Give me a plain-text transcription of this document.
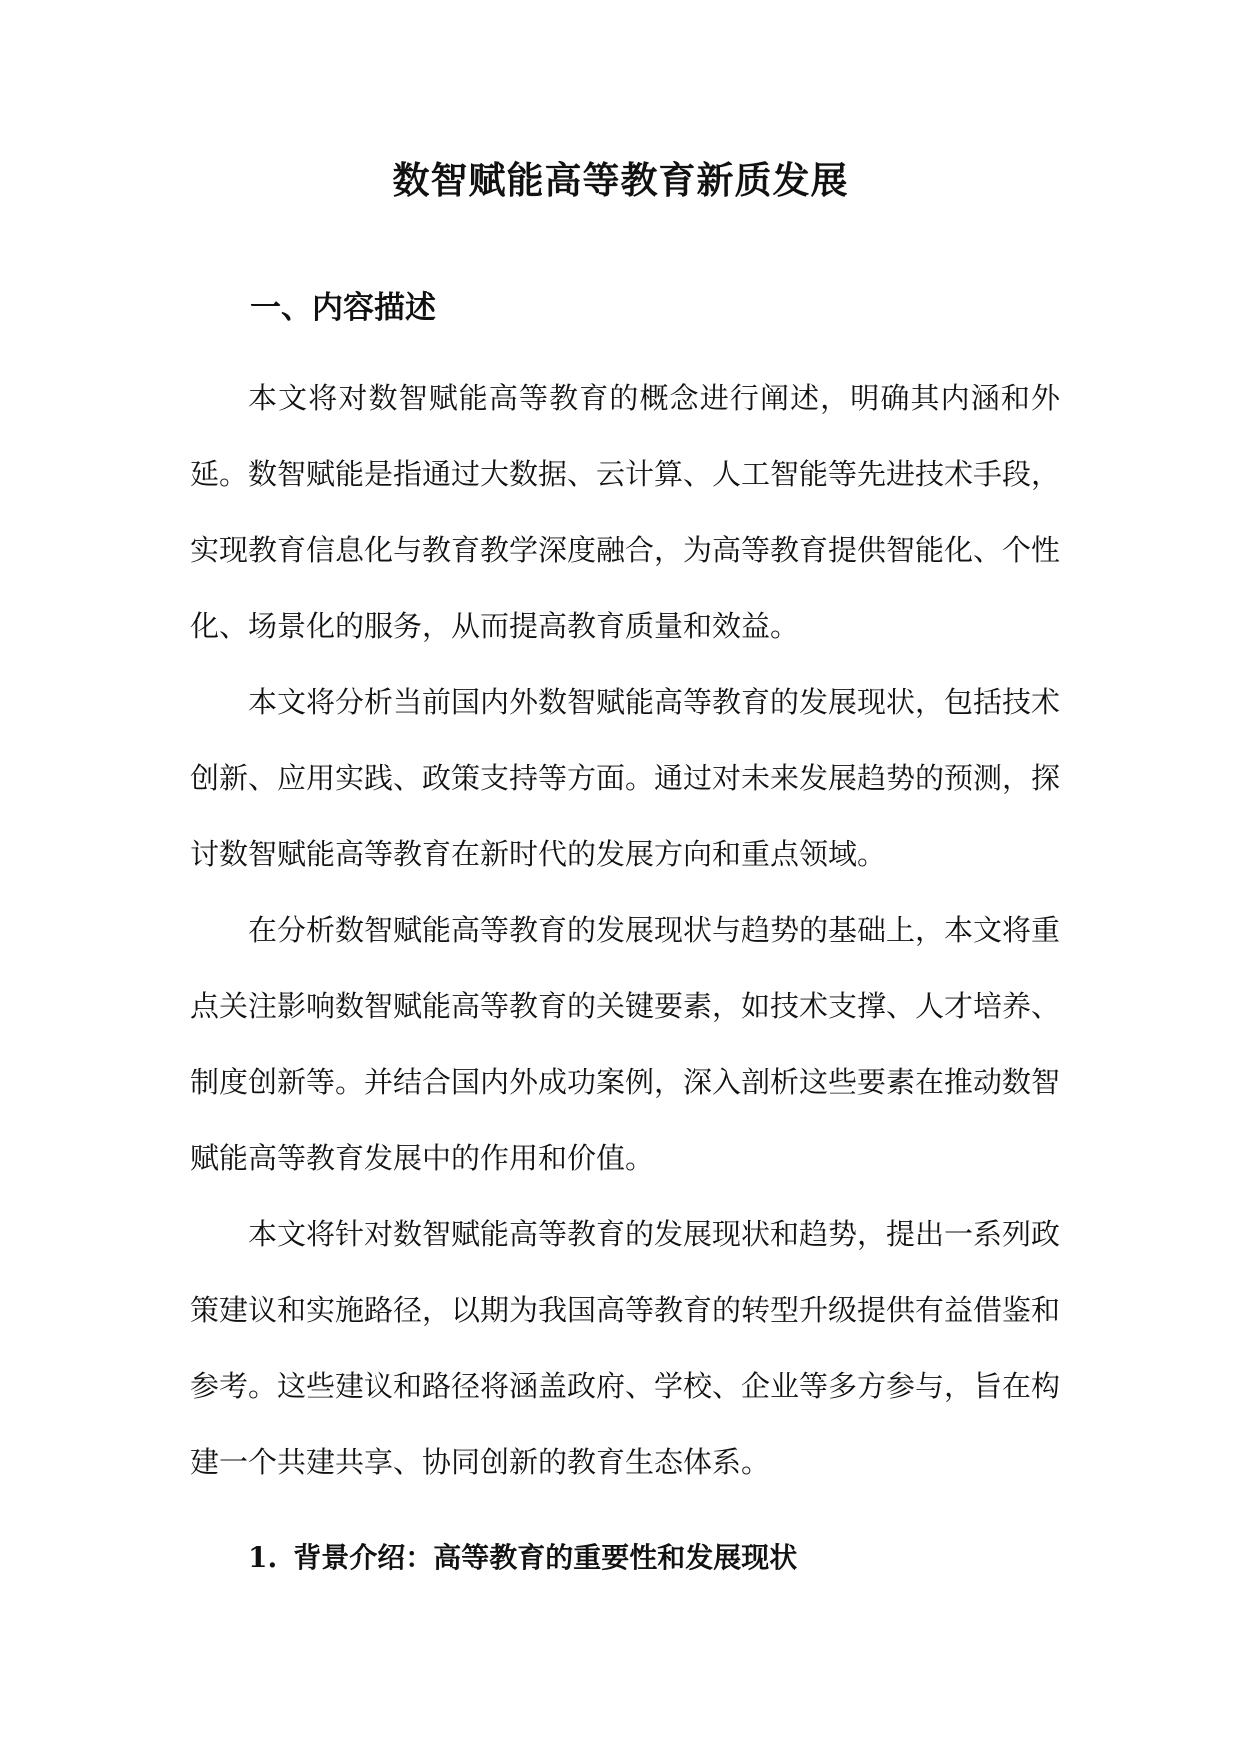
数智赋能高等教育新质发展
一、内容描述

本文将对数智赋能高等教育的概念进行阐述，明确其内涵和外延。数智赋能是指通过大数据、云计算、人工智能等先进技术手段，实现教育信息化与教育教学深度融合，为高等教育提供智能化、个性化、场景化的服务，从而提高教育质量和效益。

本文将分析当前国内外数智赋能高等教育的发展现状，包括技术创新、应用实践、政策支持等方面。通过对未来发展趋势的预测，探讨数智赋能高等教育在新时代的发展方向和重点领域。

在分析数智赋能高等教育的发展现状与趋势的基础上，本文将重点关注影响数智赋能高等教育的关键要素，如技术支撑、人才培养、制度创新等。并结合国内外成功案例，深入剖析这些要素在推动数智赋能高等教育发展中的作用和价值。

本文将针对数智赋能高等教育的发展现状和趋势，提出一系列政策建议和实施路径，以期为我国高等教育的转型升级提供有益借鉴和参考。这些建议和路径将涵盖政府、学校、企业等多方参与，旨在构建一个共建共享、协同创新的教育生态体系。

1. 背景介绍：高等教育的重要性和发展现状
